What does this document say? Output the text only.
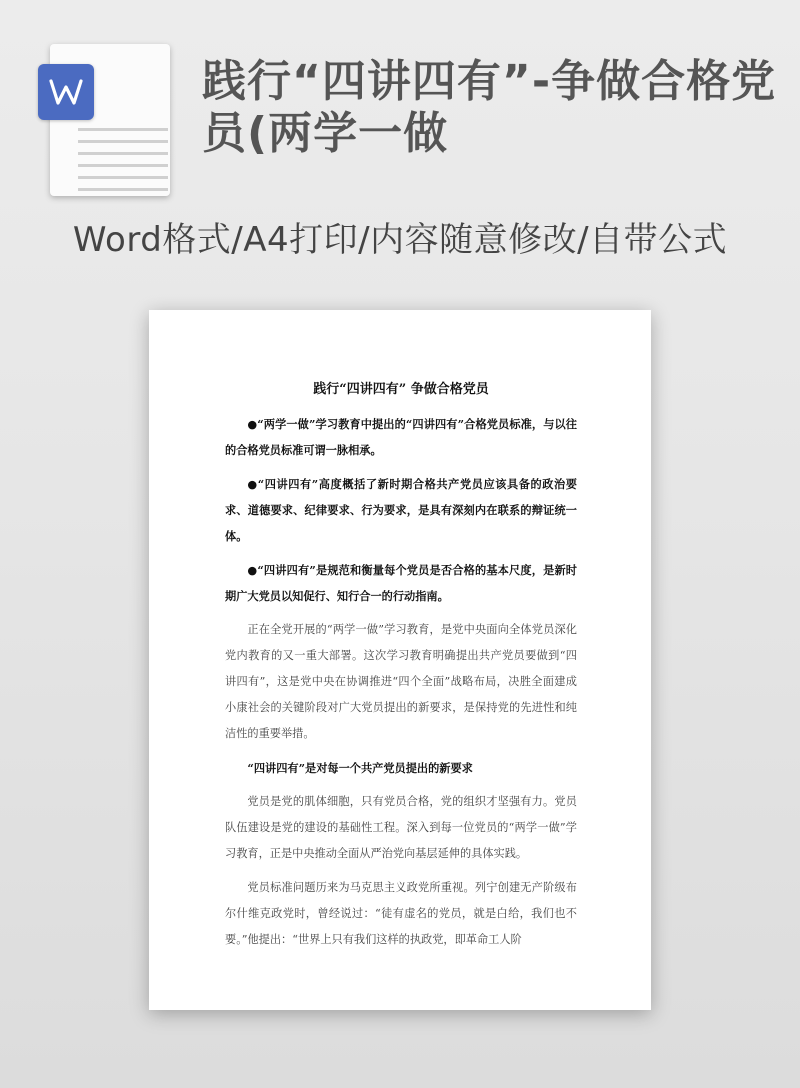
践行“四讲四有”-争做合格党员(两学一做
Word格式/A4打印/内容随意修改/自带公式
践行“四讲四有” 争做合格党员

●“两学一做”学习教育中提出的“四讲四有”合格党员标准，与以往的合格党员标准可谓一脉相承。

●“四讲四有”高度概括了新时期合格共产党员应该具备的政治要求、道德要求、纪律要求、行为要求，是具有深刻内在联系的辩证统一体。

●“四讲四有”是规范和衡量每个党员是否合格的基本尺度，是新时期广大党员以知促行、知行合一的行动指南。

正在全党开展的“两学一做”学习教育，是党中央面向全体党员深化党内教育的又一重大部署。这次学习教育明确提出共产党员要做到“四讲四有”，这是党中央在协调推进“四个全面”战略布局，决胜全面建成小康社会的关键阶段对广大党员提出的新要求，是保持党的先进性和纯洁性的重要举措。

“四讲四有”是对每一个共产党员提出的新要求

党员是党的肌体细胞，只有党员合格，党的组织才坚强有力。党员队伍建设是党的建设的基础性工程。深入到每一位党员的“两学一做”学习教育，正是中央推动全面从严治党向基层延伸的具体实践。

党员标准问题历来为马克思主义政党所重视。列宁创建无产阶级布尔什维克政党时，曾经说过：“徒有虚名的党员，就是白给，我们也不要。”他提出：“世界上只有我们这样的执政党，即革命工人阶
